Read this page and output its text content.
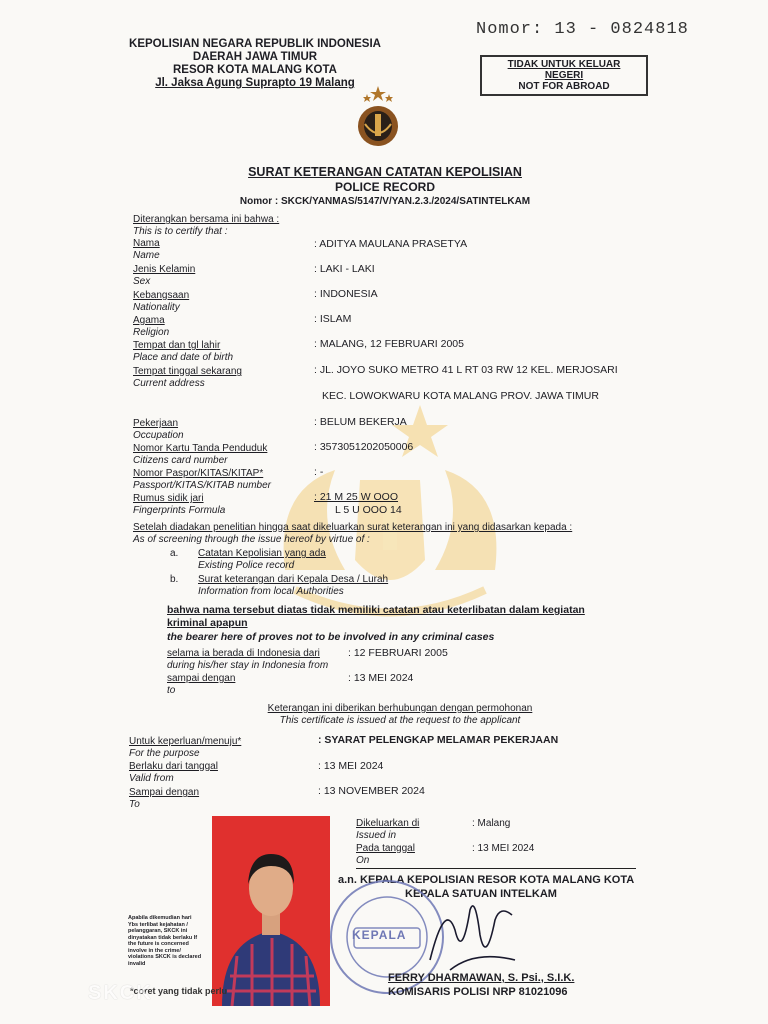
KEPOLISIAN NEGARA REPUBLIK INDONESIA
DAERAH JAWA TIMUR
RESOR KOTA MALANG KOTA
Jl. Jaksa Agung Suprapto 19 Malang
Nomor: 13 - 0824818
TIDAK UNTUK KELUAR NEGERI
NOT FOR ABROAD
SURAT KETERANGAN CATATAN KEPOLISIAN
POLICE RECORD
Nomor : SKCK/YANMAS/5147/V/YAN.2.3./2024/SATINTELKAM
Diterangkan bersama ini bahwa :
This is to certify that :
Nama
Name
: ADITYA MAULANA PRASETYA
Jenis Kelamin
Sex
: LAKI - LAKI
Kebangsaan
Nationality
: INDONESIA
Agama
Religion
: ISLAM
Tempat dan tgl lahir
Place and date of birth
: MALANG, 12 FEBRUARI 2005
Tempat tinggal sekarang
Current address
: JL. JOYO SUKO METRO 41 L RT 03 RW 12 KEL. MERJOSARI
KEC. LOWOKWARU KOTA MALANG PROV. JAWA TIMUR
Pekerjaan
Occupation
: BELUM BEKERJA
Nomor Kartu Tanda Penduduk
Citizens card number
: 3573051202050006
Nomor Paspor/KITAS/KITAP*
Passport/KITAS/KITAB number
: -
Rumus sidik jari
Fingerprints Formula
: 21 M 25 W OOO
L 5 U OOO 14
Setelah diadakan penelitian hingga saat dikeluarkan surat keterangan ini yang didasarkan kepada :
As of screening through the issue hereof by virtue of :
a. Catatan Kepolisian yang ada
Existing Police record
b. Surat keterangan dari Kepala Desa / Lurah
Information from local Authorities
bahwa nama tersebut diatas tidak memiliki catatan atau keterlibatan dalam kegiatan kriminal apapun
the bearer here of proves not to be involved in any criminal cases
selama ia berada di Indonesia dari
during his/her stay in Indonesia from
: 12 FEBRUARI 2005
sampai dengan
to
: 13 MEI 2024
Keterangan ini diberikan berhubungan dengan permohonan
This certificate is issued at the request to the applicant
Untuk keperluan/menuju*
For the purpose
: SYARAT PELENGKAP MELAMAR PEKERJAAN
Berlaku dari tanggal
Valid from
: 13 MEI 2024
Sampai dengan
To
: 13 NOVEMBER 2024
Dikeluarkan di
Issued in
: Malang
Pada tanggal
On
: 13 MEI 2024
a.n. KEPALA KEPOLISIAN RESOR KOTA MALANG KOTA
KEPALA SATUAN INTELKAM
KEPALA
FERRY DHARMAWAN, S. Psi., S.I.K.
KOMISARIS POLISI NRP 81021096
Apabila dikemudian hari Ybs terlibat kejahatan / pelanggaran, SKCK ini dinyatakan tidak berlaku If the future is concerned involve in the crime/ violations SKCK is declared invalid
*coret yang tidak perlu
SKCK
